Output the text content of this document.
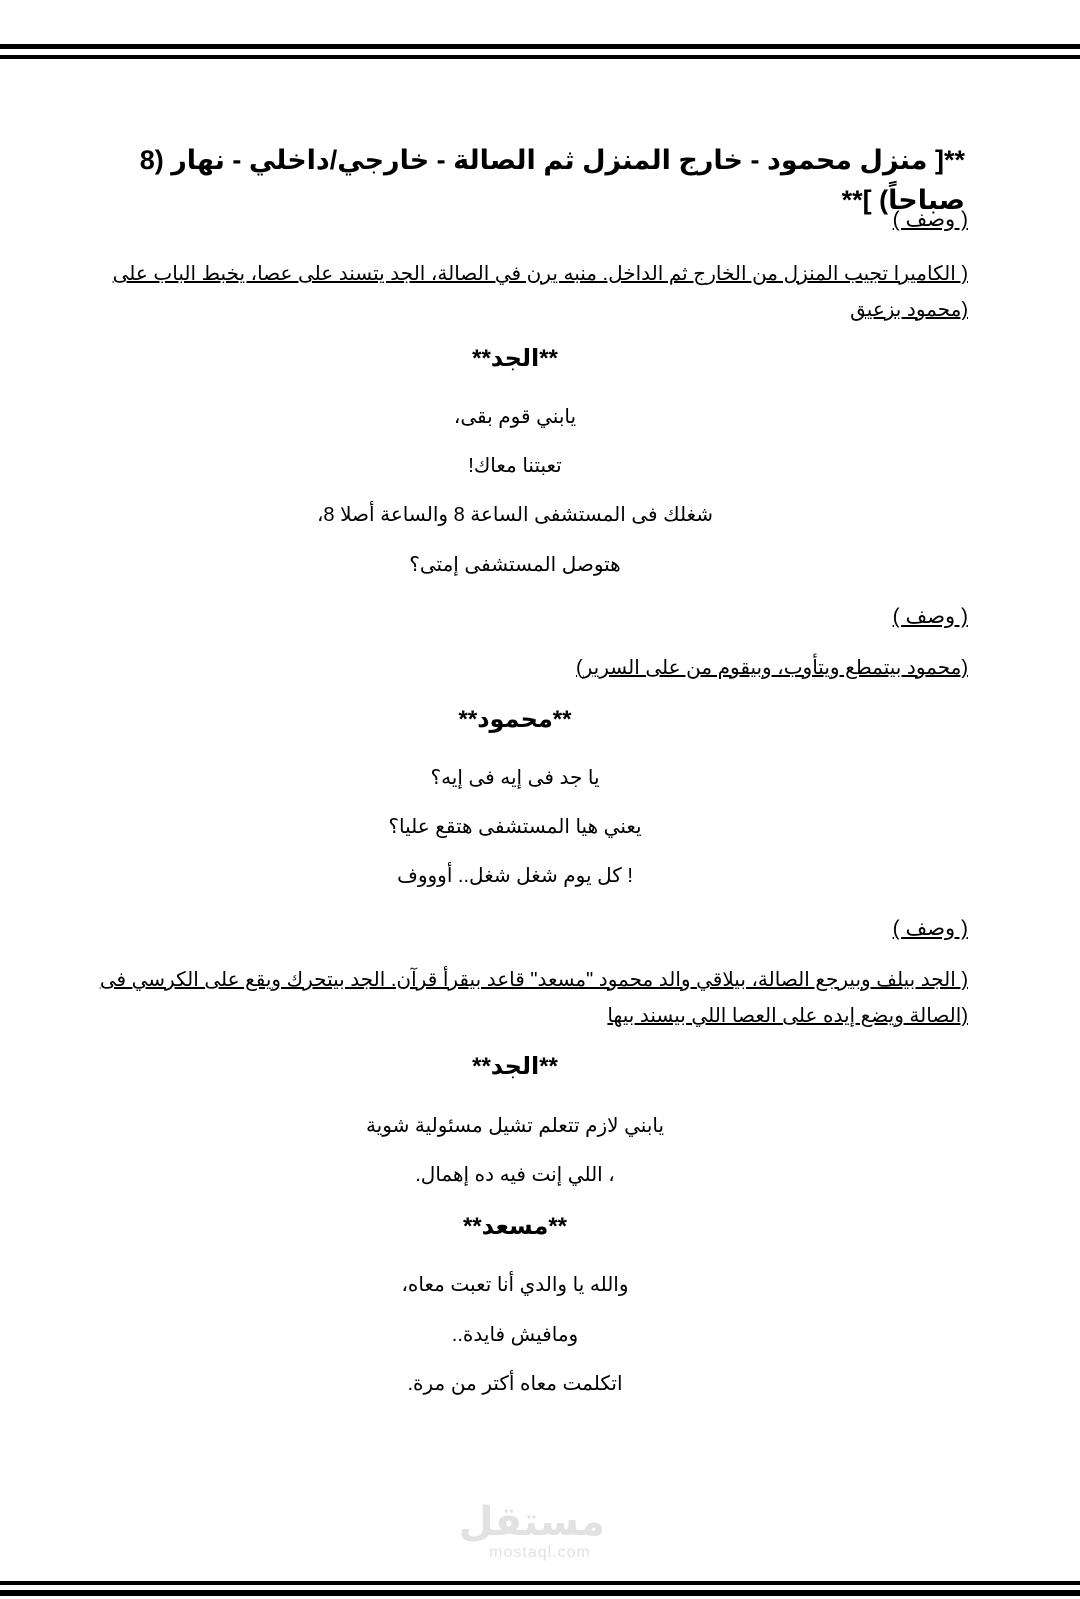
**[ منزل محمود - خارج المنزل ثم الصالة - خارجي/داخلي - نهار (8 صباحاً) ]**

( وصف )

( الكاميرا تجيب المنزل من الخارج ثم الداخل. منبه يرن في الصالة، الجد يتسند على عصا، يخبط الباب على

(محمود بزعيق

**الجد**

يابني قوم بقى،

تعبتنا معاك!

شغلك فى المستشفى الساعة 8 والساعة أصلا 8،

هتوصل المستشفى إمتى؟

( وصف )

(محمود بيتمطع ويتأوب، وبيقوم من على السرير)

**محمود**

يا جد فى إيه فى إيه؟

يعني هيا المستشفى هتقع عليا؟

! كل يوم شغل شغل.. أوووف

( وصف )

( الجد بيلف وبيرجع الصالة، بيلاقي والد محمود "مسعد" قاعد بيقرأ قرآن. الجد بيتحرك ويقع على الكرسي فى

(الصالة ويضع إيده على العصا اللي بيسند بيها

**الجد**

يابني لازم تتعلم تشيل مسئولية شوية

، اللي إنت فيه ده إهمال.

**مسعد**

والله يا والدي أنا تعبت معاه،

ومافيش فايدة..

اتكلمت معاه أكتر من مرة.

مستقل
mostaql.com
